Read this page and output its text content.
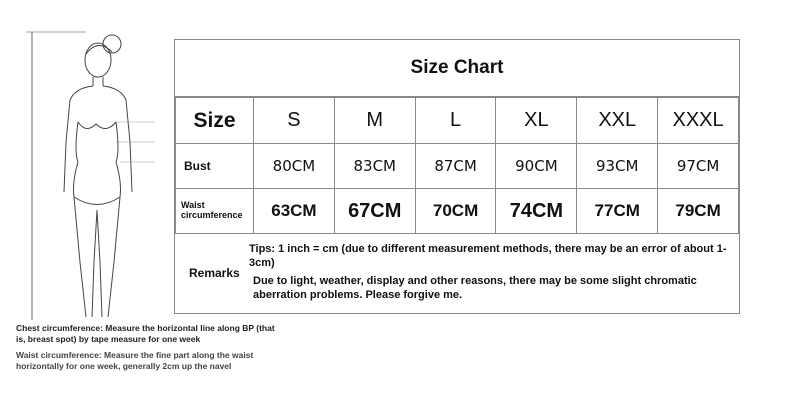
Chest circumference: Measure the horizontal line along BP (that is, breast spot) by tape measure for one week
Waist circumference: Measure the fine part along the waist horizontally for one week, generally 2cm up the navel
Size Chart
Size	S	M	L	XL	XXL	XXXL
Bust	80CM	83CM	87CM	90CM	93CM	97CM

Waist
circumference	63CM	67CM	70CM	74CM	77CM	79CM
Remarks
Tips: 1 inch = cm (due to different measurement methods, there may be an error of about 1-3cm)
Due to light, weather, display and other reasons, there may be some slight chromatic aberration problems. Please forgive me.
